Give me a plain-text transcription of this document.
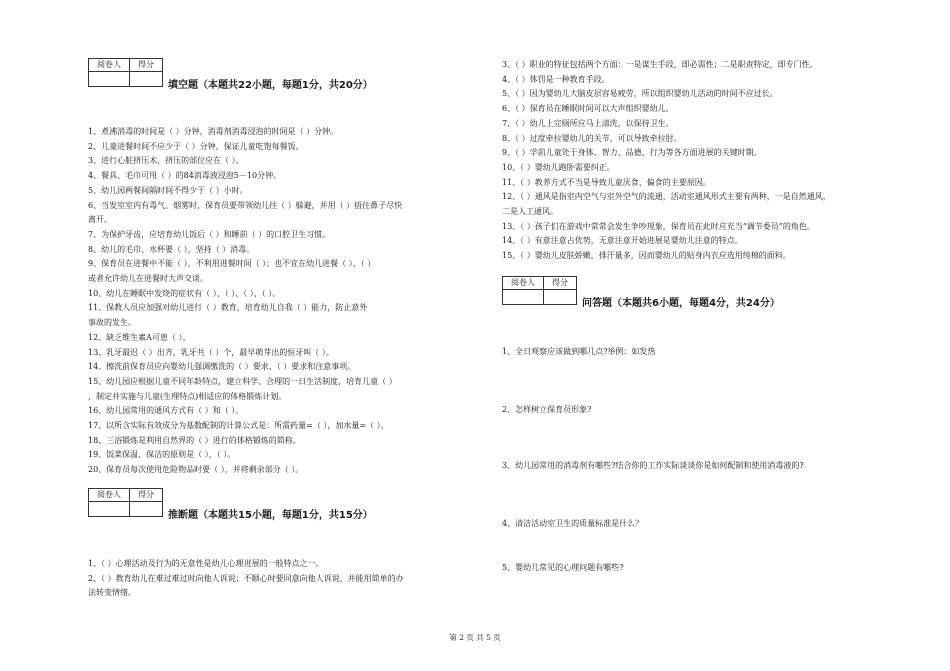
阅卷人	得分

填空题（本题共22小题，每题1分，共20分）
1、煮沸消毒的时间是（ ）分钟，消毒剂消毒浸泡的时间是（ ）分钟。
2、儿童进餐时间不应少于（ ）分钟，保证儿童吃饱每餐饭。
3、进行心脏挤压术，挤压的部位应在（ ）。
4、餐具、毛巾可用（ ）的84消毒液浸泡5－10分钟。
5、幼儿园两餐间隔时间不得少于（ ）小时。
6、当发室室内有毒气、烟雾时，保育员要带领幼儿往（ ）躲避，并用（ ）捂住鼻子尽快
离开。
7、为保护牙齿，应培育幼儿饭后（ ）和睡前（ ）的口腔卫生习惯。
8、幼儿的毛巾、水杯要（ ），坚持（ ）消毒。
9、保育员在进餐中不能（ ），不利用进餐时间（ ）；也不宜在幼儿进餐（ ）、（ ）
或者允许幼儿在进餐时大声交谈。
10、幼儿在睡眠中发烧的症状有（ ）、（ ）、（ ）、（ ）。
11、保教人员应加强对幼儿进行（ ）教育，培育幼儿自我（ ）能力，防止意外
事故的发生。
12、缺乏维生素A可患（ ）。
13、乳牙最迟（ ）出齐，乳牙共（ ）个，最早萌芽出的恒牙叫（ ）。
14、擦洗前保育员应向婴幼儿强调缴洗的（ ）要求、（ ）要求和注意事项。
15、幼儿园应根据儿童不同年龄特点，建立科学、合理的一日生活制度，培育儿童（ ）
，制定并实施与儿童(生理特点)相适应的体格锻炼计划。
16、幼儿园常用的通风方式有（ ）和（ ）。
17、以所含实际有效成分为基数配制的计算公式是：所需药量=（ ），加水量=（ ）。
18、三浴锻炼是利用自然界的（ ）进行的体格锻炼的简称。
19、饭菜保温、保洁的原则是（ ），（ ）。
20、保育员每次使用危险物品时要（ ），并将剩余部分（ ）。
阅卷人	得分

推断题（本题共15小题，每题1分，共15分）
1、（ ）心理活动及行为的无意性是幼儿心理进展的一般特点之一。
2、（ ）教育幼儿在难过难过时向他人诉说；不顺心时要同意向他人诉说，并能用简单的办
法转变情绪。
3、（ ）职业的特征包括两个方面：一是谋生手段，即必需性；二是职责特定，即专门性。
4、（ ）体罚是一种教育手段。
5、（ ）因为婴幼儿大脑皮层容易疲劳，所以组织婴幼儿活动的时间不应过长。
6、（ ）保育员在睡眠时间可以大声组织婴幼儿。
7、（ ）幼儿上完厕所应马上清洗，以保持卫生。
8、（ ）过度牵拉婴幼儿的关节，可以导致牵拉肘。
9、（ ）学前儿童处于身体、智力、品德、行为等各方面进展的关键时期。
10、（ ）婴幼儿跑卧需要纠正。
11、（ ）教养方式不当是导致儿童厌食、偏食的主要原因。
12、（ ）通风是指室内空气与室外空气的流通，活动室通风形式主要有两种，一是自然通风，
二是人工通风。
13、（ ）孩子们在游戏中常常会发生争吵现象，保育员在此时应充当“调节委员”的角色。
14、（ ）有意注意占优势，无意注意开始进展是婴幼儿注意的特点。
15、（ ）婴幼儿皮肤娇嫩，排汗量多，因而婴幼儿的贴身内衣应选用纯棉的面料。
阅卷人	得分

问答题（本题共6小题，每题4分，共24分）
1、全日观察应该做到哪几点?举例：如发热
2、怎样树立保育员形象?
3、幼儿园常用的消毒剂有哪些?结合你的工作实际谈谈你是如何配制和使用消毒液的?
4、清洁活动室卫生的质量标准是什么？
5、婴幼儿常见的心理问题有哪些?
第 2 页 共 5 页
